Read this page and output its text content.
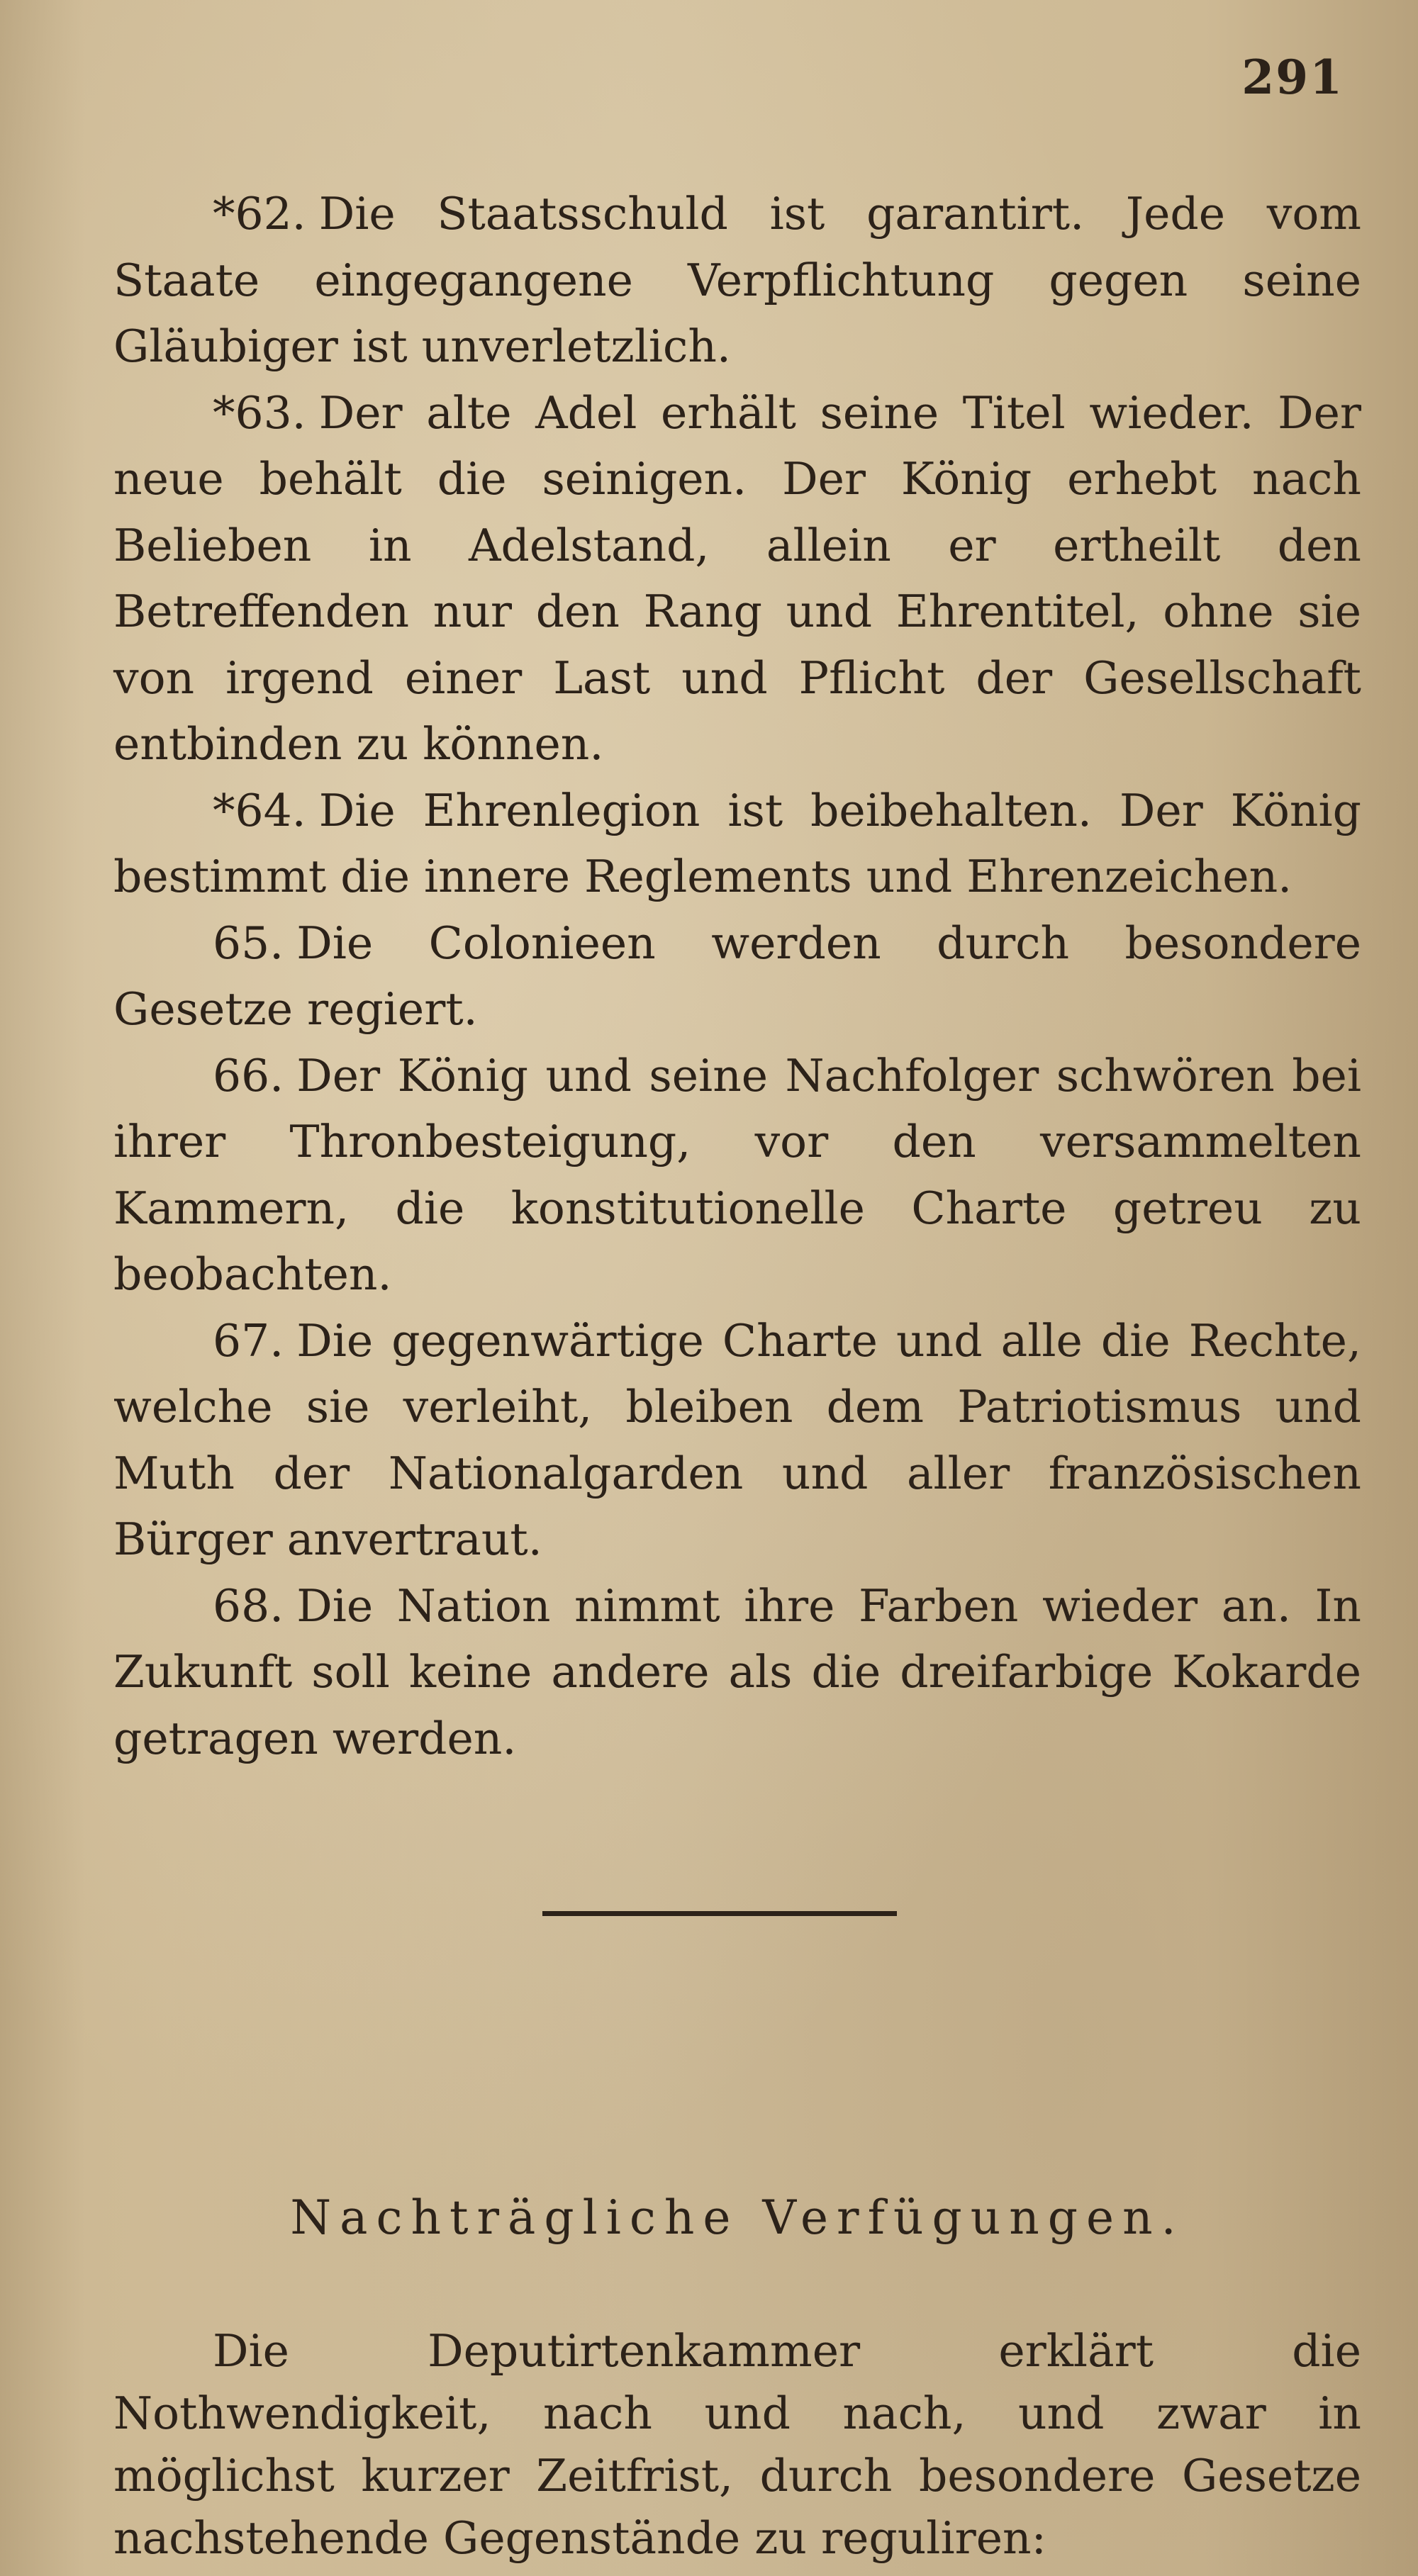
291

*62. Die Staatsschuld ist garantirt. Jede vom Staate eingegangene Verpflichtung gegen seine Gläubiger ist unverletzlich.

*63. Der alte Adel erhält seine Titel wieder. Der neue behält die seinigen. Der König erhebt nach Belieben in Adelstand, allein er ertheilt den Betreffenden nur den Rang und Ehrentitel, ohne sie von irgend einer Last und Pflicht der Gesellschaft entbinden zu können.

*64. Die Ehrenlegion ist beibehalten. Der König bestimmt die innere Reglements und Ehrenzeichen.

65. Die Colonieen werden durch besondere Gesetze regiert.

66. Der König und seine Nachfolger schwören bei ihrer Thronbesteigung, vor den versammelten Kammern, die konstitutionelle Charte getreu zu beobachten.

67. Die gegenwärtige Charte und alle die Rechte, welche sie verleiht, bleiben dem Patriotismus und Muth der Nationalgarden und aller französischen Bürger anvertraut.

68. Die Nation nimmt ihre Farben wieder an. In Zukunft soll keine andere als die dreifarbige Kokarde getragen werden.

Nachträgliche Verfügungen.

Die Deputirtenkammer erklärt die Nothwendigkeit, nach und nach, und zwar in möglichst kurzer Zeitfrist, durch besondere Gesetze nachstehende Gegenstände zu reguliren:
